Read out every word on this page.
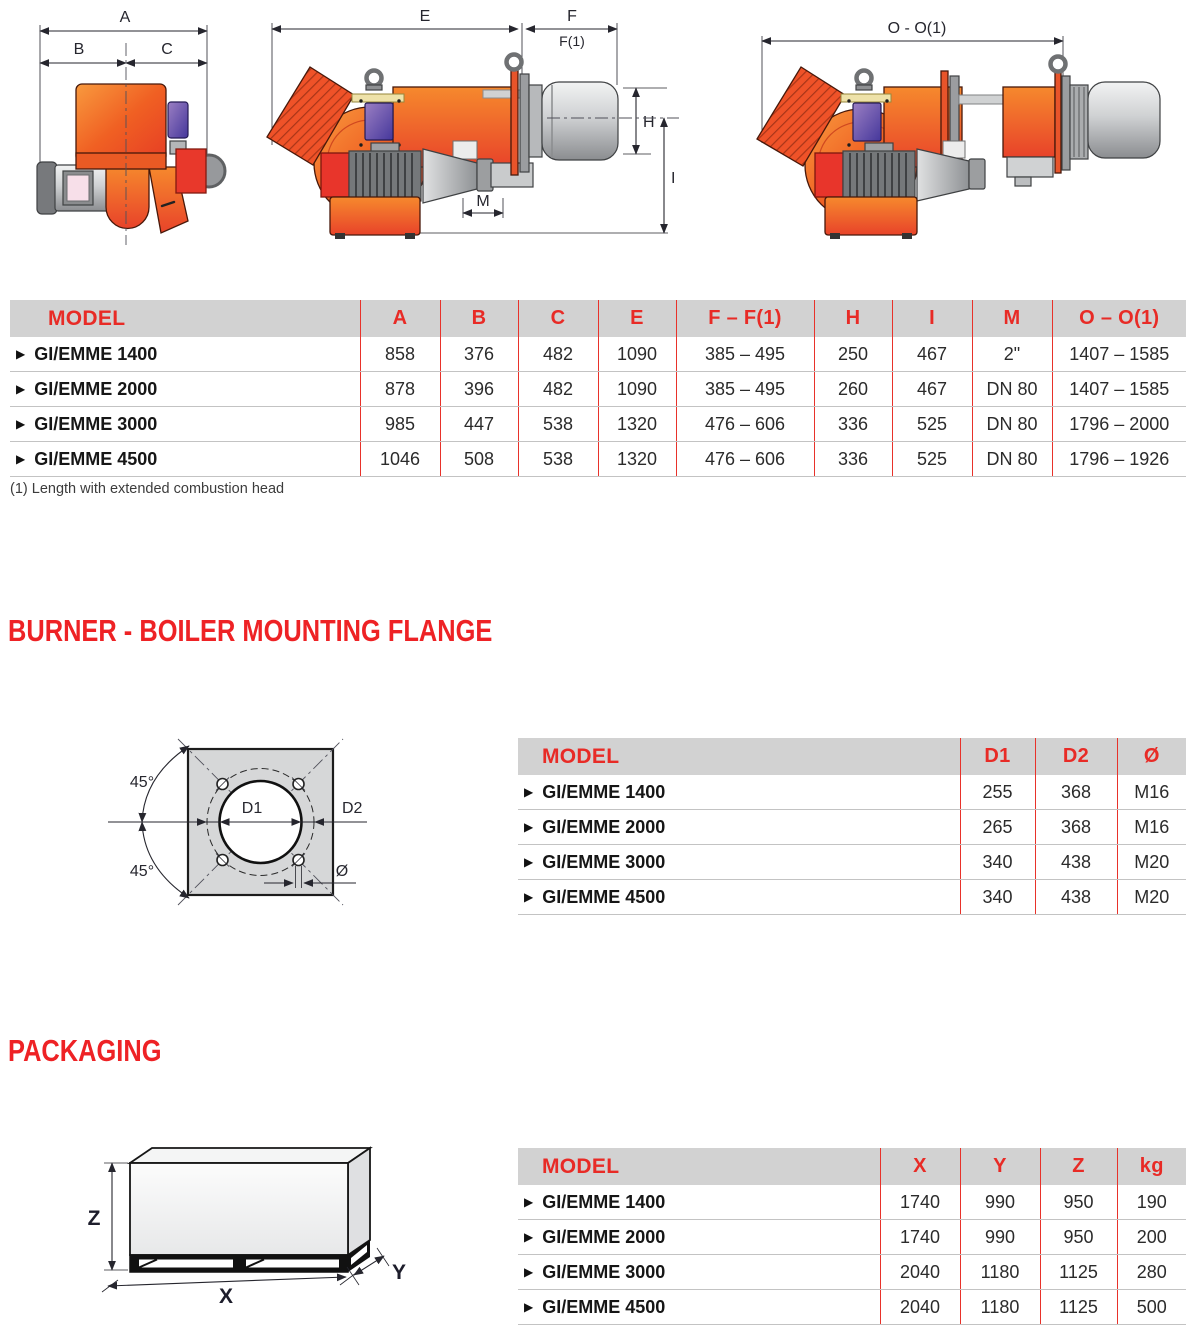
A
B	C
E	F
F(1)
H
I
M
O - O(1)
MODEL	A	B	C	E	F – F(1)	H	I	M	O – O(1)
▶GI/EMME 1400	858	376	482	1090	385 – 495	250	467	2"	1407 – 1585
▶GI/EMME 2000	878	396	482	1090	385 – 495	260	467	DN 80	1407 – 1585
▶GI/EMME 3000	985	447	538	1320	476 – 606	336	525	DN 80	1796 – 2000
▶GI/EMME 4500	1046	508	538	1320	476 – 606	336	525	DN 80	1796 – 1926
(1) Length with extended combustion head
BURNER - BOILER MOUNTING FLANGE
D1	D2
45°
45°	Ø
MODEL	D1	D2	Ø
▶GI/EMME 1400	255	368	M16
▶GI/EMME 2000	265	368	M16
▶GI/EMME 3000	340	438	M20
▶GI/EMME 4500	340	438	M20
PACKAGING
Z
X
Y
MODEL	X	Y	Z	kg
▶GI/EMME 1400	1740	990	950	190
▶GI/EMME 2000	1740	990	950	200
▶GI/EMME 3000	2040	1180	1125	280
▶GI/EMME 4500	2040	1180	1125	500
